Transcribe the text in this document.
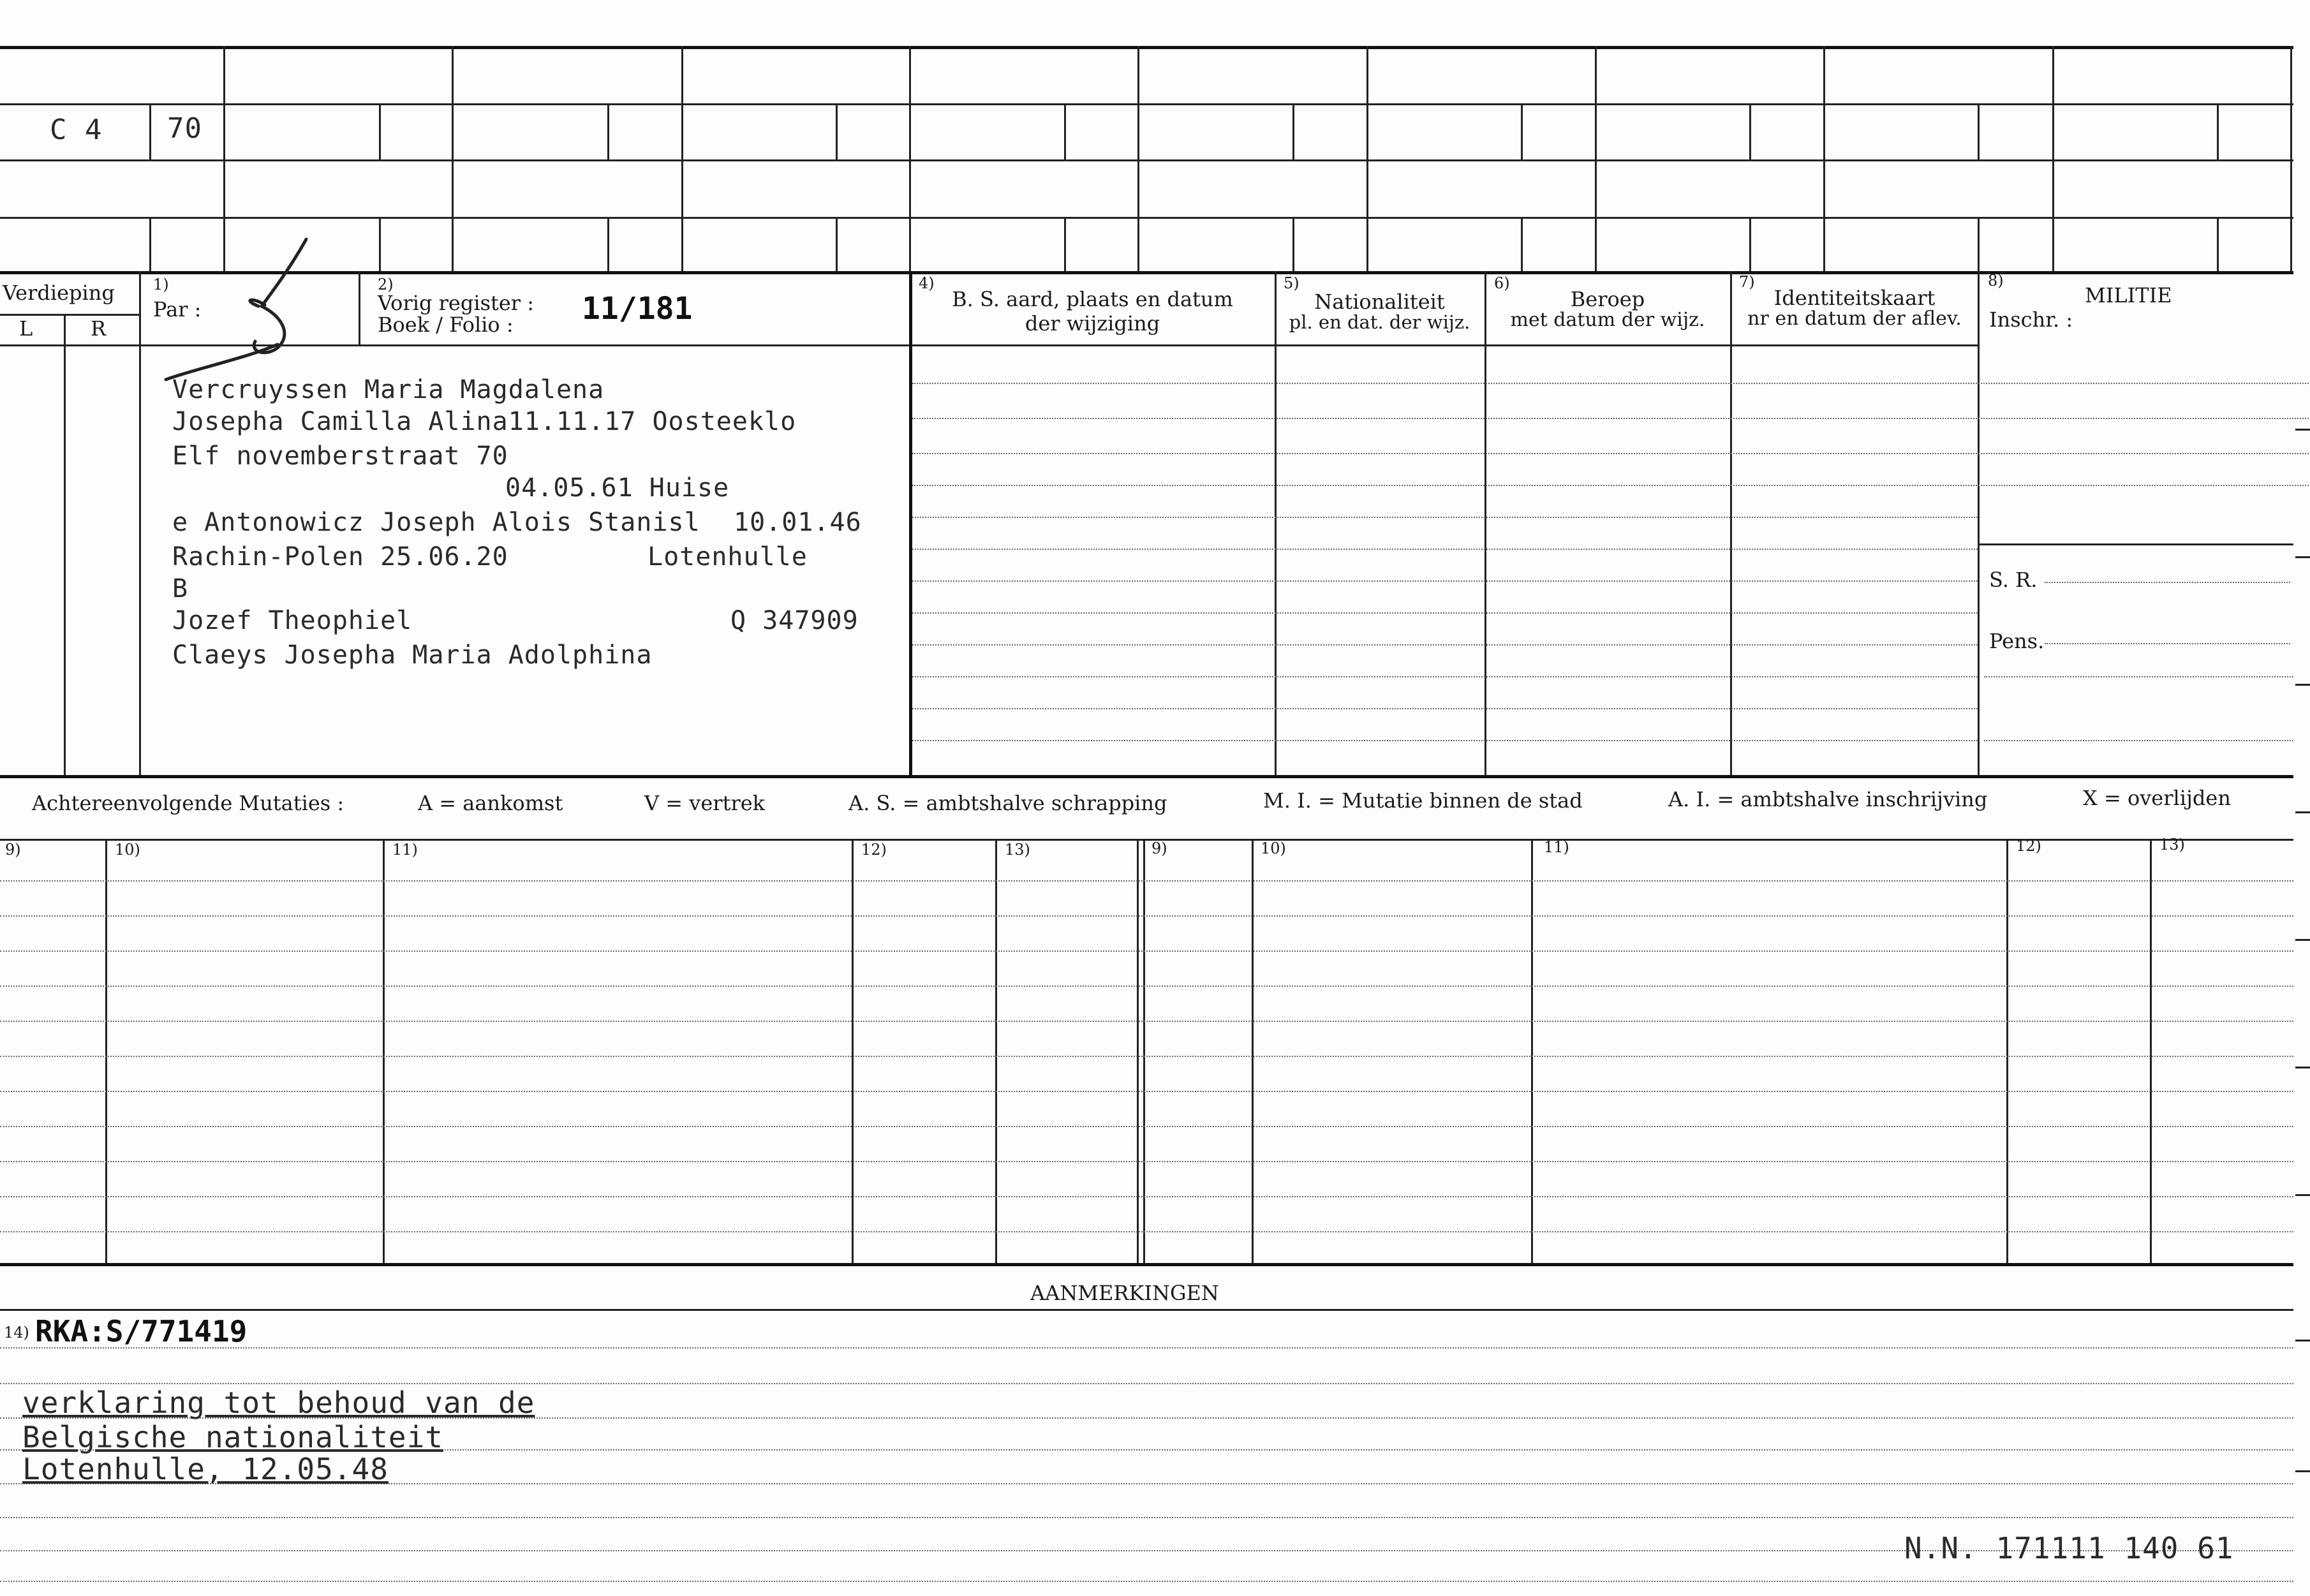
C 4 70
Verdieping
L	R
1)
Par :
2)
Vorig register :
Boek / Folio : 11/181
4)
B. S. aard, plaats en datum
der wijziging
5)
Nationaliteit
pl. en dat. der wijz.
6)
Beroep
met datum der wijz.
7)
Identiteitskaart
nr en datum der aflev.
8)
MILITIE
Inschr. :
S. R.
Pens.
Vercruyssen Maria Magdalena
Josepha Camilla Alina11.11.17 Oosteeklo
Elf novemberstraat 70
04.05.61 Huise
e Antonowicz Joseph Alois Stanisl 10.01.46
Rachin-Polen 25.06.20	Lotenhulle
B
Jozef Theophiel	Q 347909
Claeys Josepha Maria Adolphina
Achtereenvolgende Mutaties :	A = aankomst	V = vertrek	A. S. = ambtshalve schrapping	M. I. = Mutatie binnen de stad	A. I. = ambtshalve inschrijving	X = overlijden
9)	10)	11)	12)	13)	9)	10)	11)	12)	13)
AANMERKINGEN
14) RKA:S/771419
verklaring tot behoud van de
Belgische nationaliteit
Lotenhulle, 12.05.48
N.N. 171111 140 61
